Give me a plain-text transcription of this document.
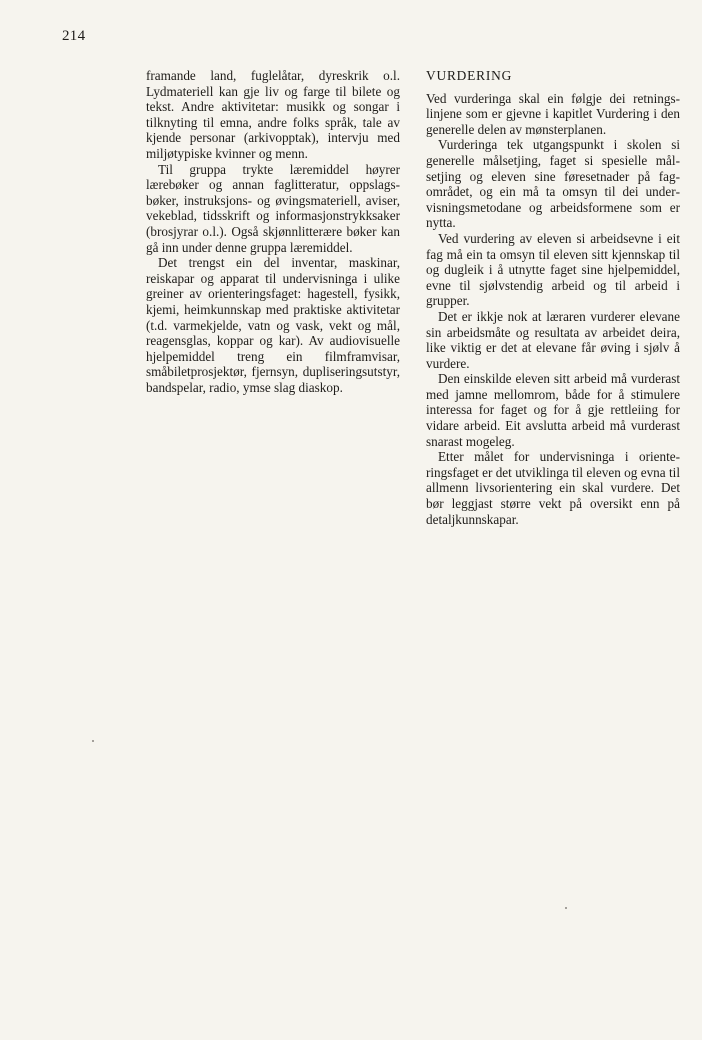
214

framande land, fuglelåtar, dyreskrik o.l. Lydmateriell kan gje liv og farge til bilete og tekst. Andre aktivitetar: musikk og songar i tilknyting til emna, andre folks språk, tale av kjende personar (arkivopptak), intervju med miljøtypiske kvinner og menn.

Til gruppa trykte læremiddel høyrer lærebøker og annan faglitteratur, oppslagsbøker, instruksjons- og øvingsmateriell, aviser, vekeblad, tidsskrift og informasjonstrykksaker (brosjyrar o.l.). Også skjønnlitterære bøker kan gå inn under denne gruppa læremiddel.

Det trengst ein del inventar, maskinar, reiskapar og apparat til undervisninga i ulike greiner av orienteringsfaget: hagestell, fysikk, kjemi, heimkunnskap med praktiske aktivitetar (t.d. varmekjelde, vatn og vask, vekt og mål, reagensglas, koppar og kar). Av audiovisuelle hjelpemiddel treng ein filmframvisar, småbiletprosjektør, fjernsyn, dupliseringsutstyr, bandspelar, radio, ymse slag diaskop.

VURDERING

Ved vurderinga skal ein følgje dei retningslinjene som er gjevne i kapitlet Vurdering i den generelle delen av mønsterplanen.

Vurderinga tek utgangspunkt i skolen si generelle målsetjing, faget si spesielle målsetjing og eleven sine føresetnader på fagområdet, og ein må ta omsyn til dei undervisningsmetodane og arbeidsformene som er nytta.

Ved vurdering av eleven si arbeidsevne i eit fag må ein ta omsyn til eleven sitt kjennskap til og dugleik i å utnytte faget sine hjelpemiddel, evne til sjølvstendig arbeid og til arbeid i grupper.

Det er ikkje nok at læraren vurderer elevane sin arbeidsmåte og resultata av arbeidet deira, like viktig er det at elevane får øving i sjølv å vurdere.

Den einskilde eleven sitt arbeid må vurderast med jamne mellomrom, både for å stimulere interessa for faget og for å gje rettleiing for vidare arbeid. Eit avslutta arbeid må vurderast snarast mogeleg.

Etter målet for undervisninga i orienteringsfaget er det utviklinga til eleven og evna til allmenn livsorientering ein skal vurdere. Det bør leggjast større vekt på oversikt enn på detaljkunnskapar.
